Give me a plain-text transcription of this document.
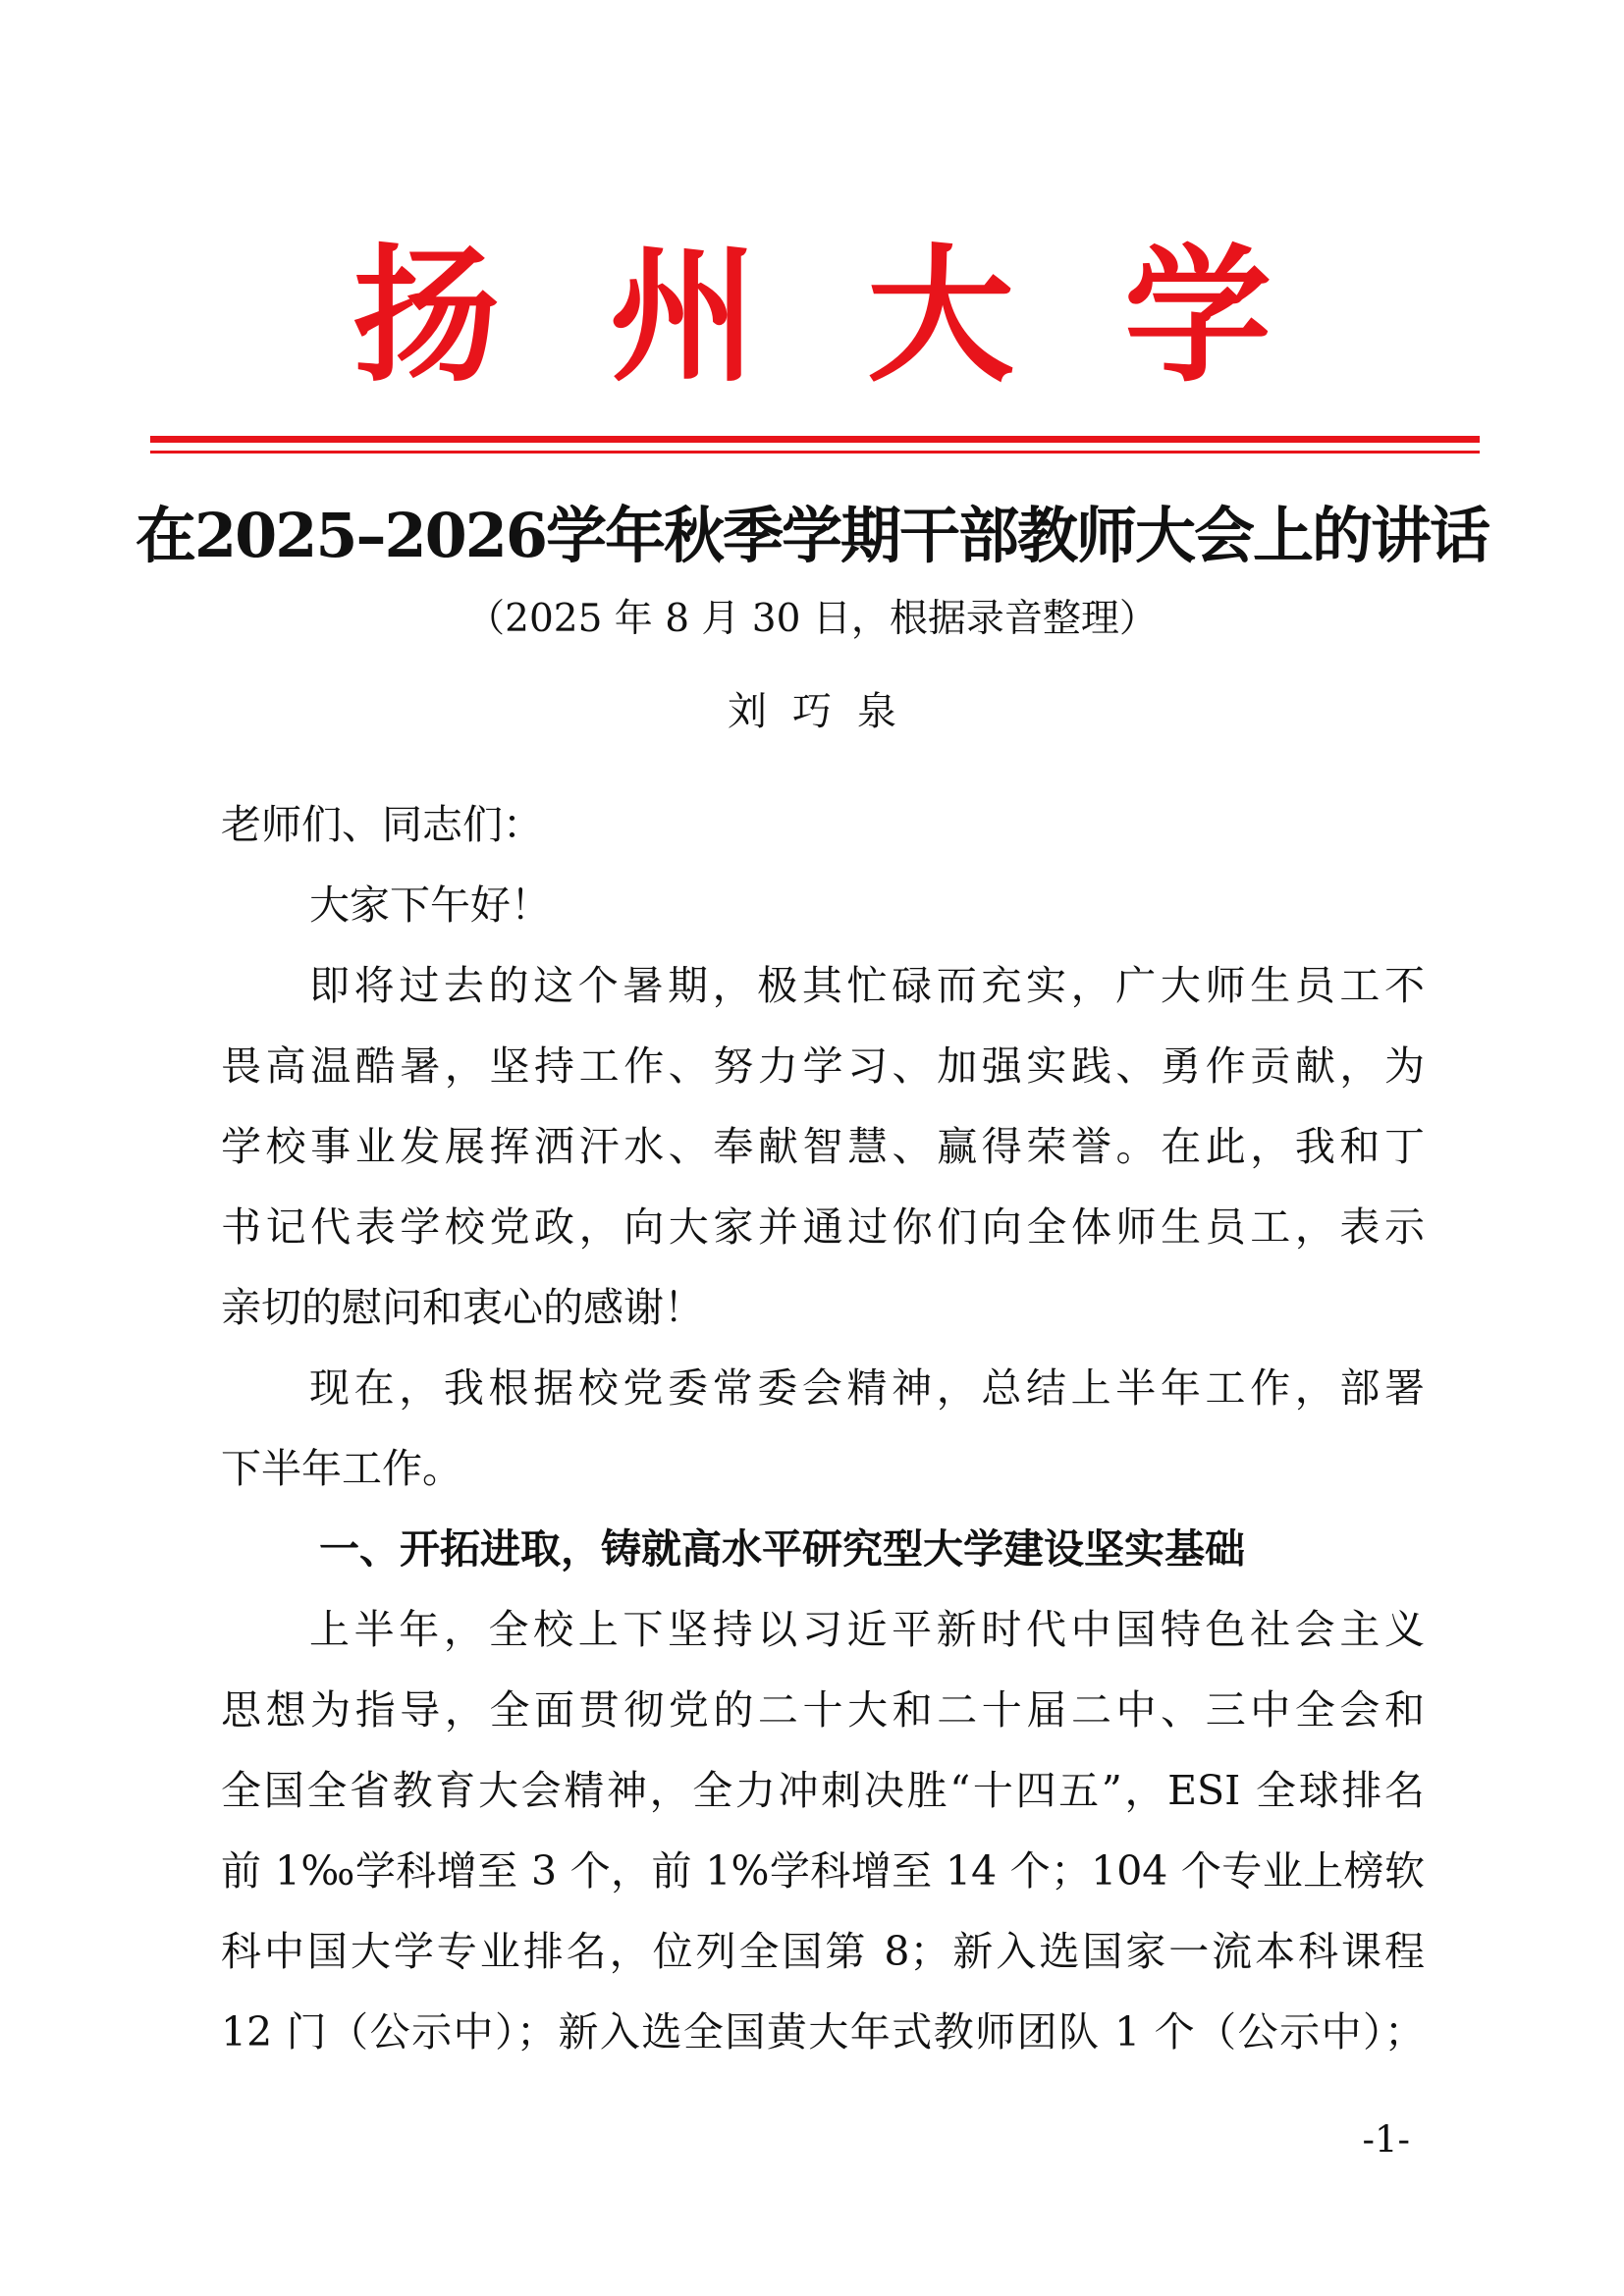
扬州大学
在2025–2026学年秋季学期干部教师大会上的讲话
（2025 年 8 月 30 日，根据录音整理）
刘巧泉
老师们、同志们：
大家下午好！
即将过去的这个暑期，极其忙碌而充实，广大师生员工不
畏高温酷暑，坚持工作、努力学习、加强实践、勇作贡献，为
学校事业发展挥洒汗水、奉献智慧、赢得荣誉。在此，我和丁
书记代表学校党政，向大家并通过你们向全体师生员工，表示
亲切的慰问和衷心的感谢！
现在，我根据校党委常委会精神，总结上半年工作，部署
下半年工作。
一、开拓进取，铸就高水平研究型大学建设坚实基础
上半年，全校上下坚持以习近平新时代中国特色社会主义
思想为指导，全面贯彻党的二十大和二十届二中、三中全会和
全国全省教育大会精神，全力冲刺决胜“十四五”，ESI 全球排名
前 1‰学科增至 3 个，前 1%学科增至 14 个；104 个专业上榜软
科中国大学专业排名，位列全国第 8；新入选国家一流本科课程
12 门（公示中）；新入选全国黄大年式教师团队 1 个（公示中）；
-1-
